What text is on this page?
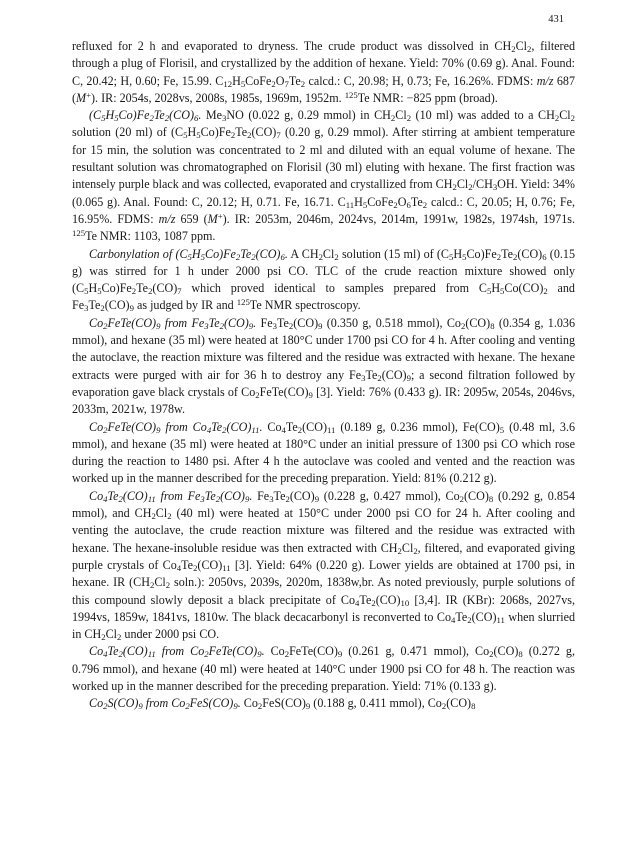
431

refluxed for 2 h and evaporated to dryness. The crude product was dissolved in $CH_2Cl_2$, filtered through a plug of Florisil, and crystallized by the addition of hexane. Yield: 70% (0.69 g). Anal. Found: C, 20.42; H, 0.60; Fe, 15.99. $C_{12}H_5CoFe_2O_7Te_2$ calcd.: C, 20.98; H, 0.73; Fe, 16.26%. FDMS: m/z 687 (M+). IR: 2054s, 2028vs, 2008s, 1985s, 1969m, 1952m. $^{125}$Te NMR: −825 ppm (broad).

$(C_5H_5Co)Fe_2Te_2(CO)_6$. $Me_3NO$ (0.022 g, 0.29 mmol) in $CH_2Cl_2$ (10 ml) was added to a $CH_2Cl_2$ solution (20 ml) of $(C_5H_5Co)Fe_2Te_2(CO)_7$ (0.20 g, 0.29 mmol). After stirring at ambient temperature for 15 min, the solution was concentrated to 2 ml and diluted with an equal volume of hexane. The resultant solution was chromatographed on Florisil (30 ml) eluting with hexane. The first fraction was intensely purple black and was collected, evaporated and crystallized from $CH_2Cl_2/CH_3OH$. Yield: 34% (0.065 g). Anal. Found: C, 20.12; H, 0.71. Fe, 16.71. $C_{11}H_5CoFe_2O_6Te_2$ calcd.: C, 20.05; H, 0.76; Fe, 16.95%. FDMS: m/z 659 (M+). IR: 2053m, 2046m, 2024vs, 2014m, 1991w, 1982s, 1974sh, 1971s. $^{125}$Te NMR: 1103, 1087 ppm.

Carbonylation of $(C_5H_5Co)Fe_2Te_2(CO)_6$. A $CH_2Cl_2$ solution (15 ml) of $(C_5H_5Co)Fe_2Te_2(CO)_6$ (0.15 g) was stirred for 1 h under 2000 psi CO. TLC of the crude reaction mixture showed only $(C_5H_5Co)Fe_2Te_2(CO)_7$ which proved identical to samples prepared from $C_5H_5Co(CO)_2$ and $Fe_3Te_2(CO)_9$ as judged by IR and $^{125}$Te NMR spectroscopy.

$Co_2FeTe(CO)_9$ from $Fe_3Te_2(CO)_9$. $Fe_3Te_2(CO)_9$ (0.350 g, 0.518 mmol), $Co_2(CO)_8$ (0.354 g, 1.036 mmol), and hexane (35 ml) were heated at 180°C under 1700 psi CO for 4 h. After cooling and venting the autoclave, the reaction mixture was filtered and the residue was extracted with hexane. The hexane extracts were purged with air for 36 h to destroy any $Fe_3Te_2(CO)_9$; a second filtration followed by evaporation gave black crystals of $Co_2FeTe(CO)_9$ [3]. Yield: 76% (0.433 g). IR: 2095w, 2054s, 2046vs, 2033m, 2021w, 1978w.

$Co_2FeTe(CO)_9$ from $Co_4Te_2(CO)_{11}$. $Co_4Te_2(CO)_{11}$ (0.189 g, 0.236 mmol), $Fe(CO)_5$ (0.48 ml, 3.6 mmol), and hexane (35 ml) were heated at 180°C under an initial pressure of 1300 psi CO which rose during the reaction to 1480 psi. After 4 h the autoclave was cooled and vented and the reaction was worked up in the manner described for the preceding preparation. Yield: 81% (0.212 g).

$Co_4Te_2(CO)_{11}$ from $Fe_3Te_2(CO)_9$. $Fe_3Te_2(CO)_9$ (0.228 g, 0.427 mmol), $Co_2(CO)_8$ (0.292 g, 0.854 mmol), and $CH_2Cl_2$ (40 ml) were heated at 150°C under 2000 psi CO for 24 h. After cooling and venting the autoclave, the crude reaction mixture was filtered and the residue was extracted with hexane. The hexane-insoluble residue was then extracted with $CH_2Cl_2$, filtered, and evaporated giving purple crystals of $Co_4Te_2(CO)_{11}$ [3]. Yield: 64% (0.220 g). Lower yields are obtained at 1700 psi, in hexane. IR ($CH_2Cl_2$ soln.): 2050vs, 2039s, 2020m, 1838w,br. As noted previously, purple solutions of this compound slowly deposit a black precipitate of $Co_4Te_2(CO)_{10}$ [3,4]. IR (KBr): 2068s, 2027vs, 1994vs, 1859w, 1841vs, 1810w. The black decacarbonyl is reconverted to $Co_4Te_2(CO)_{11}$ when slurried in $CH_2Cl_2$ under 2000 psi CO.

$Co_4Te_2(CO)_{11}$ from $Co_2FeTe(CO)_9$. $Co_2FeTe(CO)_9$ (0.261 g, 0.471 mmol), $Co_2(CO)_8$ (0.272 g, 0.796 mmol), and hexane (40 ml) were heated at 140°C under 1900 psi CO for 48 h. The reaction was worked up in the manner described for the preceding preparation. Yield: 71% (0.133 g).

$Co_2S(CO)_9$ from $Co_2FeS(CO)_9$. $Co_2FeS(CO)_9$ (0.188 g, 0.411 mmol), $Co_2(CO)_8$
